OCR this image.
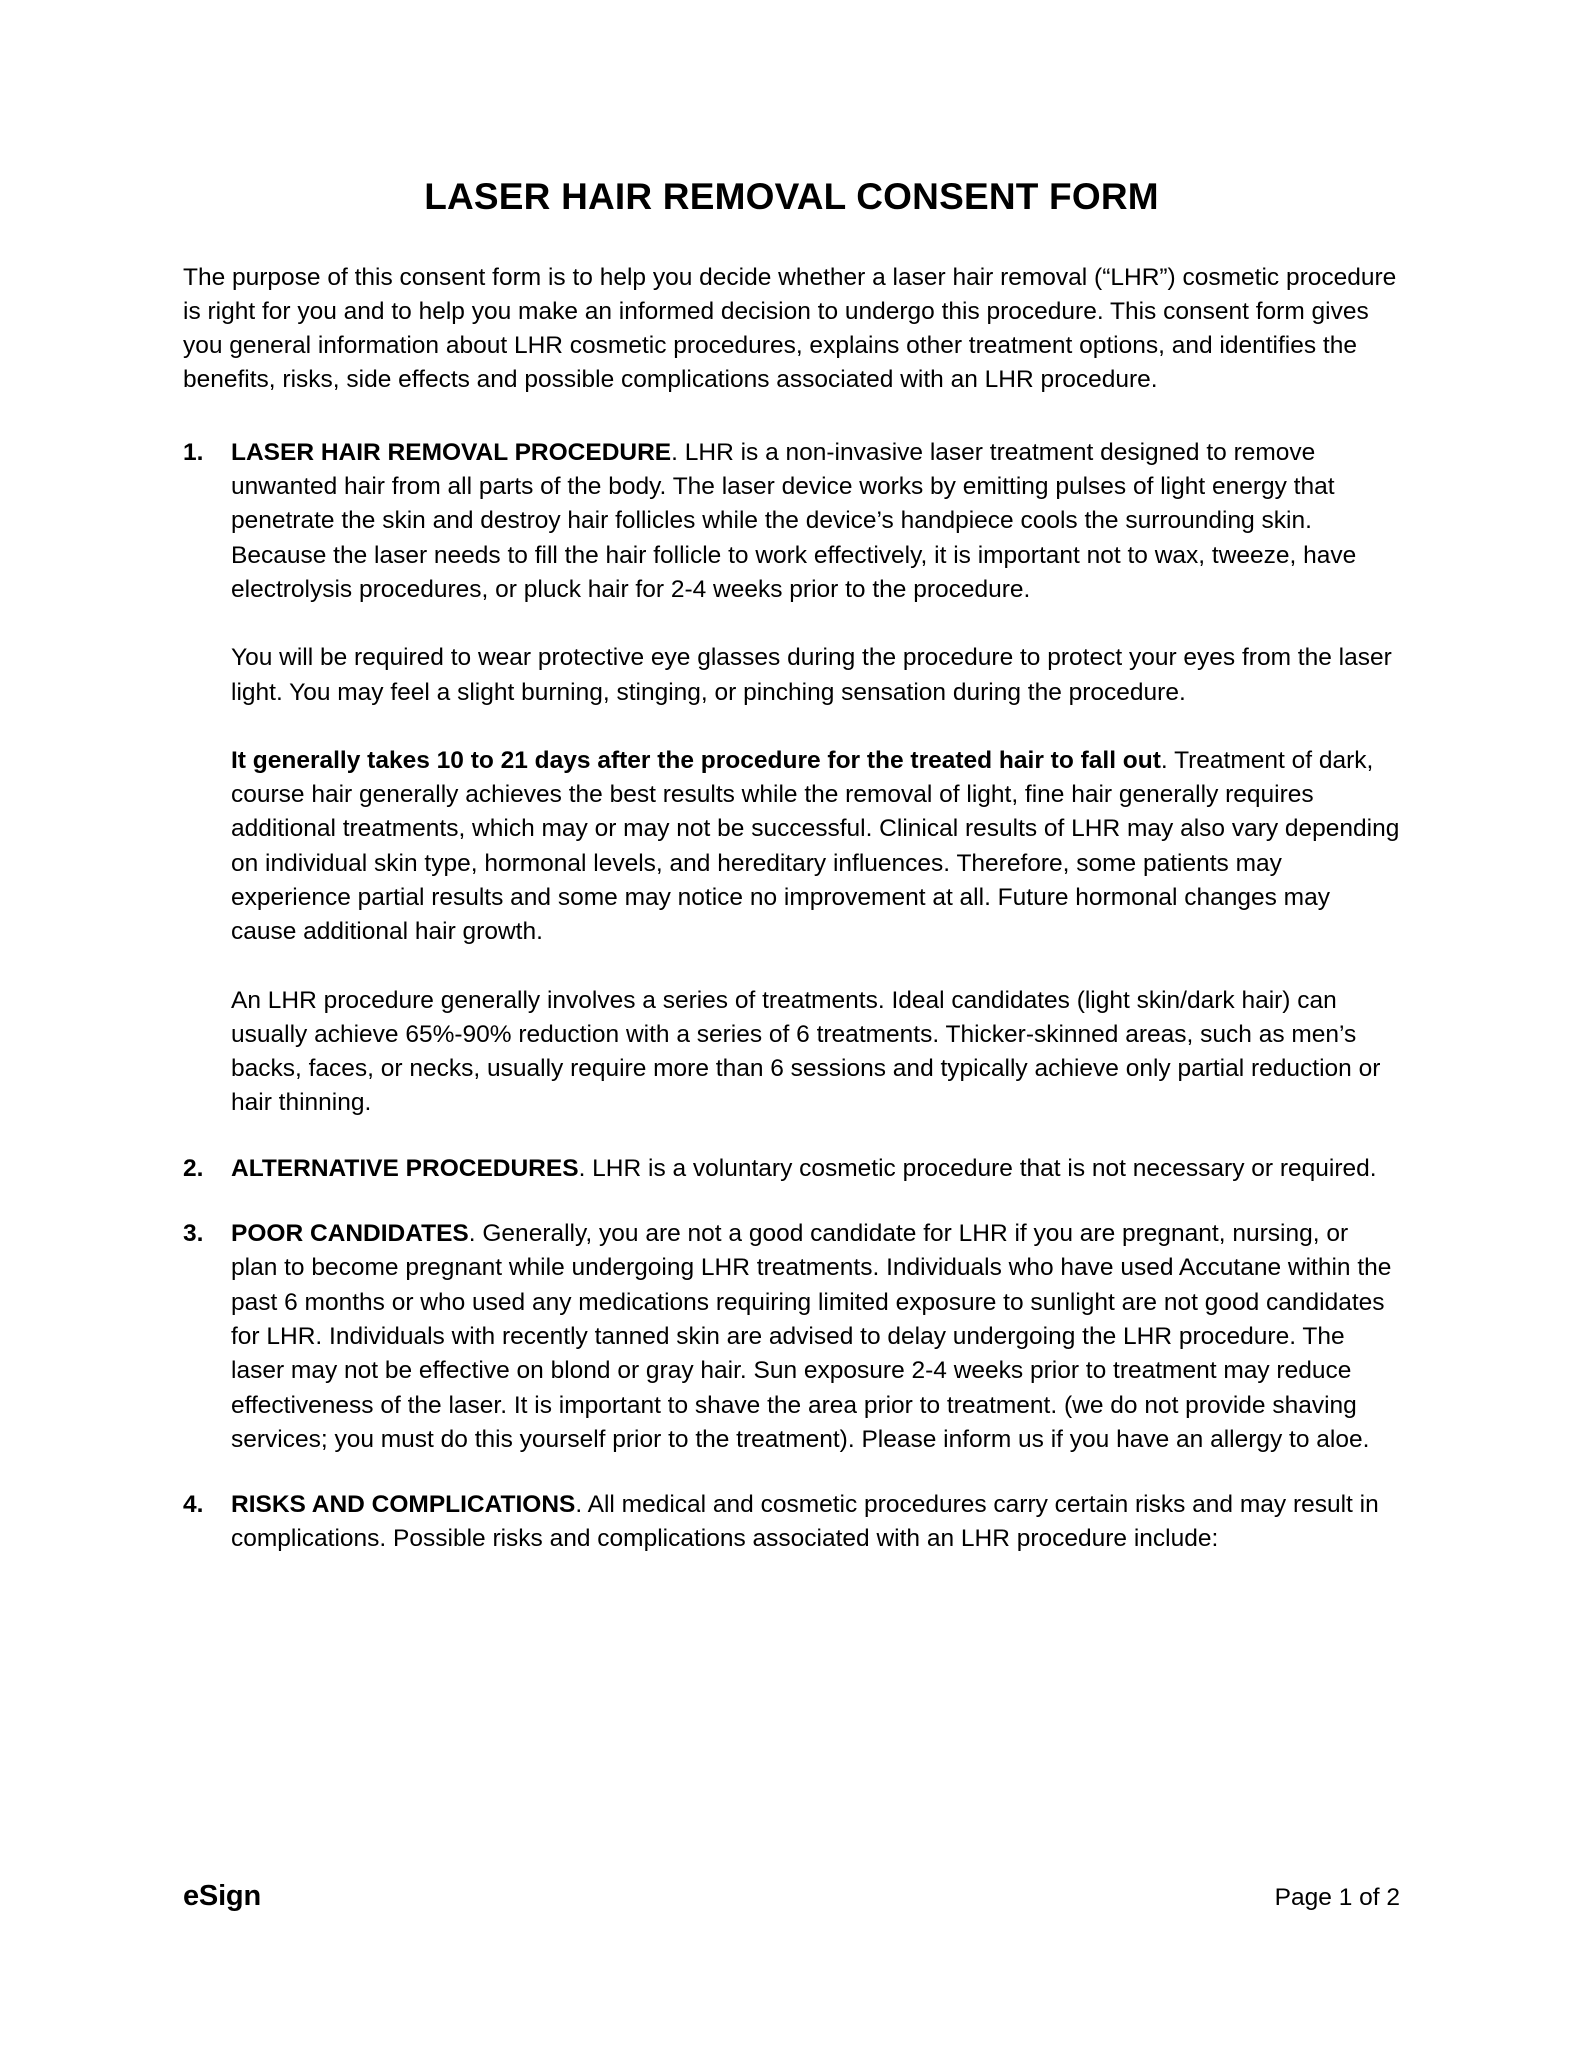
LASER HAIR REMOVAL CONSENT FORM

The purpose of this consent form is to help you decide whether a laser hair removal (“LHR”) cosmetic procedure is right for you and to help you make an informed decision to undergo this procedure. This consent form gives you general information about LHR cosmetic procedures, explains other treatment options, and identifies the benefits, risks, side effects and possible complications associated with an LHR procedure.

1.	LASER HAIR REMOVAL PROCEDURE. LHR is a non-invasive laser treatment designed to remove unwanted hair from all parts of the body. The laser device works by emitting pulses of light energy that penetrate the skin and destroy hair follicles while the device’s handpiece cools the surrounding skin. Because the laser needs to fill the hair follicle to work effectively, it is important not to wax, tweeze, have electrolysis procedures, or pluck hair for 2-4 weeks prior to the procedure.

You will be required to wear protective eye glasses during the procedure to protect your eyes from the laser light. You may feel a slight burning, stinging, or pinching sensation during the procedure.

It generally takes 10 to 21 days after the procedure for the treated hair to fall out. Treatment of dark, course hair generally achieves the best results while the removal of light, fine hair generally requires additional treatments, which may or may not be successful. Clinical results of LHR may also vary depending on individual skin type, hormonal levels, and hereditary influences. Therefore, some patients may experience partial results and some may notice no improvement at all. Future hormonal changes may cause additional hair growth.

An LHR procedure generally involves a series of treatments. Ideal candidates (light skin/dark hair) can usually achieve 65%-90% reduction with a series of 6 treatments. Thicker-skinned areas, such as men’s backs, faces, or necks, usually require more than 6 sessions and typically achieve only partial reduction or hair thinning.

2.	ALTERNATIVE PROCEDURES. LHR is a voluntary cosmetic procedure that is not necessary or required.

3.	POOR CANDIDATES. Generally, you are not a good candidate for LHR if you are pregnant, nursing, or plan to become pregnant while undergoing LHR treatments. Individuals who have used Accutane within the past 6 months or who used any medications requiring limited exposure to sunlight are not good candidates for LHR. Individuals with recently tanned skin are advised to delay undergoing the LHR procedure. The laser may not be effective on blond or gray hair. Sun exposure 2-4 weeks prior to treatment may reduce effectiveness of the laser. It is important to shave the area prior to treatment. (we do not provide shaving services; you must do this yourself prior to the treatment). Please inform us if you have an allergy to aloe.

4.	RISKS AND COMPLICATIONS. All medical and cosmetic procedures carry certain risks and may result in complications. Possible risks and complications associated with an LHR procedure include:

eSign	Page 1 of 2
